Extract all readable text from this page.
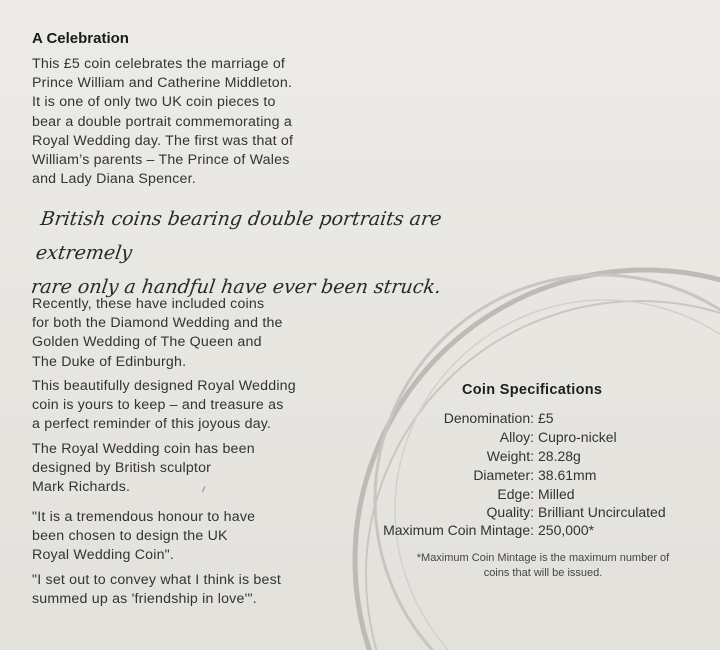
A Celebration

This £5 coin celebrates the marriage of
Prince William and Catherine Middleton.
It is one of only two UK coin pieces to
bear a double portrait commemorating a
Royal Wedding day. The first was that of
William’s parents – The Prince of Wales
and Lady Diana Spencer.

British coins bearing double portraits are extremely
rare only a handful have ever been struck.

Recently, these have included coins
for both the Diamond Wedding and the
Golden Wedding of The Queen and
The Duke of Edinburgh.

This beautifully designed Royal Wedding
coin is yours to keep – and treasure as
a perfect reminder of this joyous day.

The Royal Wedding coin has been
designed by British sculptor
Mark Richards.

"It is a tremendous honour to have
been chosen to design the UK
Royal Wedding Coin".

"I set out to convey what I think is best
summed up as 'friendship in love'".

Coin Specifications
Denomination: £5
Alloy: Cupro-nickel
Weight: 28.28g
Diameter: 38.61mm
Edge: Milled
Quality: Brilliant Uncirculated
Maximum Coin Mintage: 250,000*
*Maximum Coin Mintage is the maximum number of
coins that will be issued.
